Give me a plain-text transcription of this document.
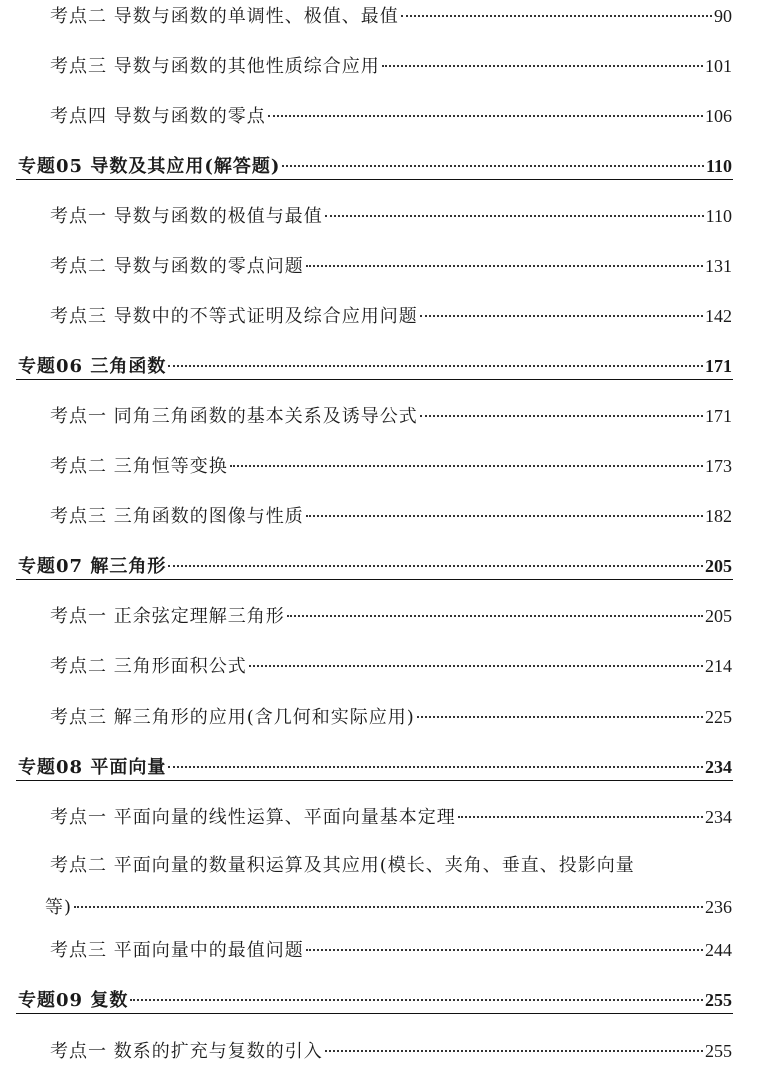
考点二 导数与函数的单调性、极值、最值	90
考点三 导数与函数的其他性质综合应用	101
考点四 导数与函数的零点	106
专题05 导数及其应用(解答题)	110
考点一 导数与函数的极值与最值	110
考点二 导数与函数的零点问题	131
考点三 导数中的不等式证明及综合应用问题	142
专题06 三角函数	171
考点一 同角三角函数的基本关系及诱导公式	171
考点二 三角恒等变换	173
考点三 三角函数的图像与性质	182
专题07 解三角形	205
考点一 正余弦定理解三角形	205
考点二 三角形面积公式	214
考点三 解三角形的应用(含几何和实际应用)	225
专题08 平面向量	234
考点一 平面向量的线性运算、平面向量基本定理	234
考点二 平面向量的数量积运算及其应用(模长、夹角、垂直、投影向量
等)	236
考点三 平面向量中的最值问题	244
专题09 复数	255
考点一 数系的扩充与复数的引入	255
